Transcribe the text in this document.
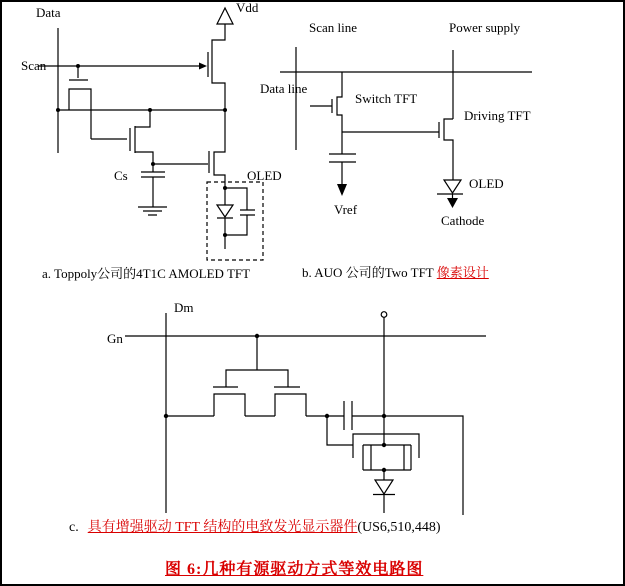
Data
Scan
Vdd
Cs	OLED
a. Toppoly公司的4T1C AMOLED TFT
Scan line	Power supply
Data line
Switch TFT
Driving TFT
OLED
Vref
Cathode
b. AUO 公司的Two TFT 像素设计
Dm
Gn
c. 具有增强驱动 TFT 结构的电致发光显示器件(US6,510,448)
图 6:几种有源驱动方式等效电路图
